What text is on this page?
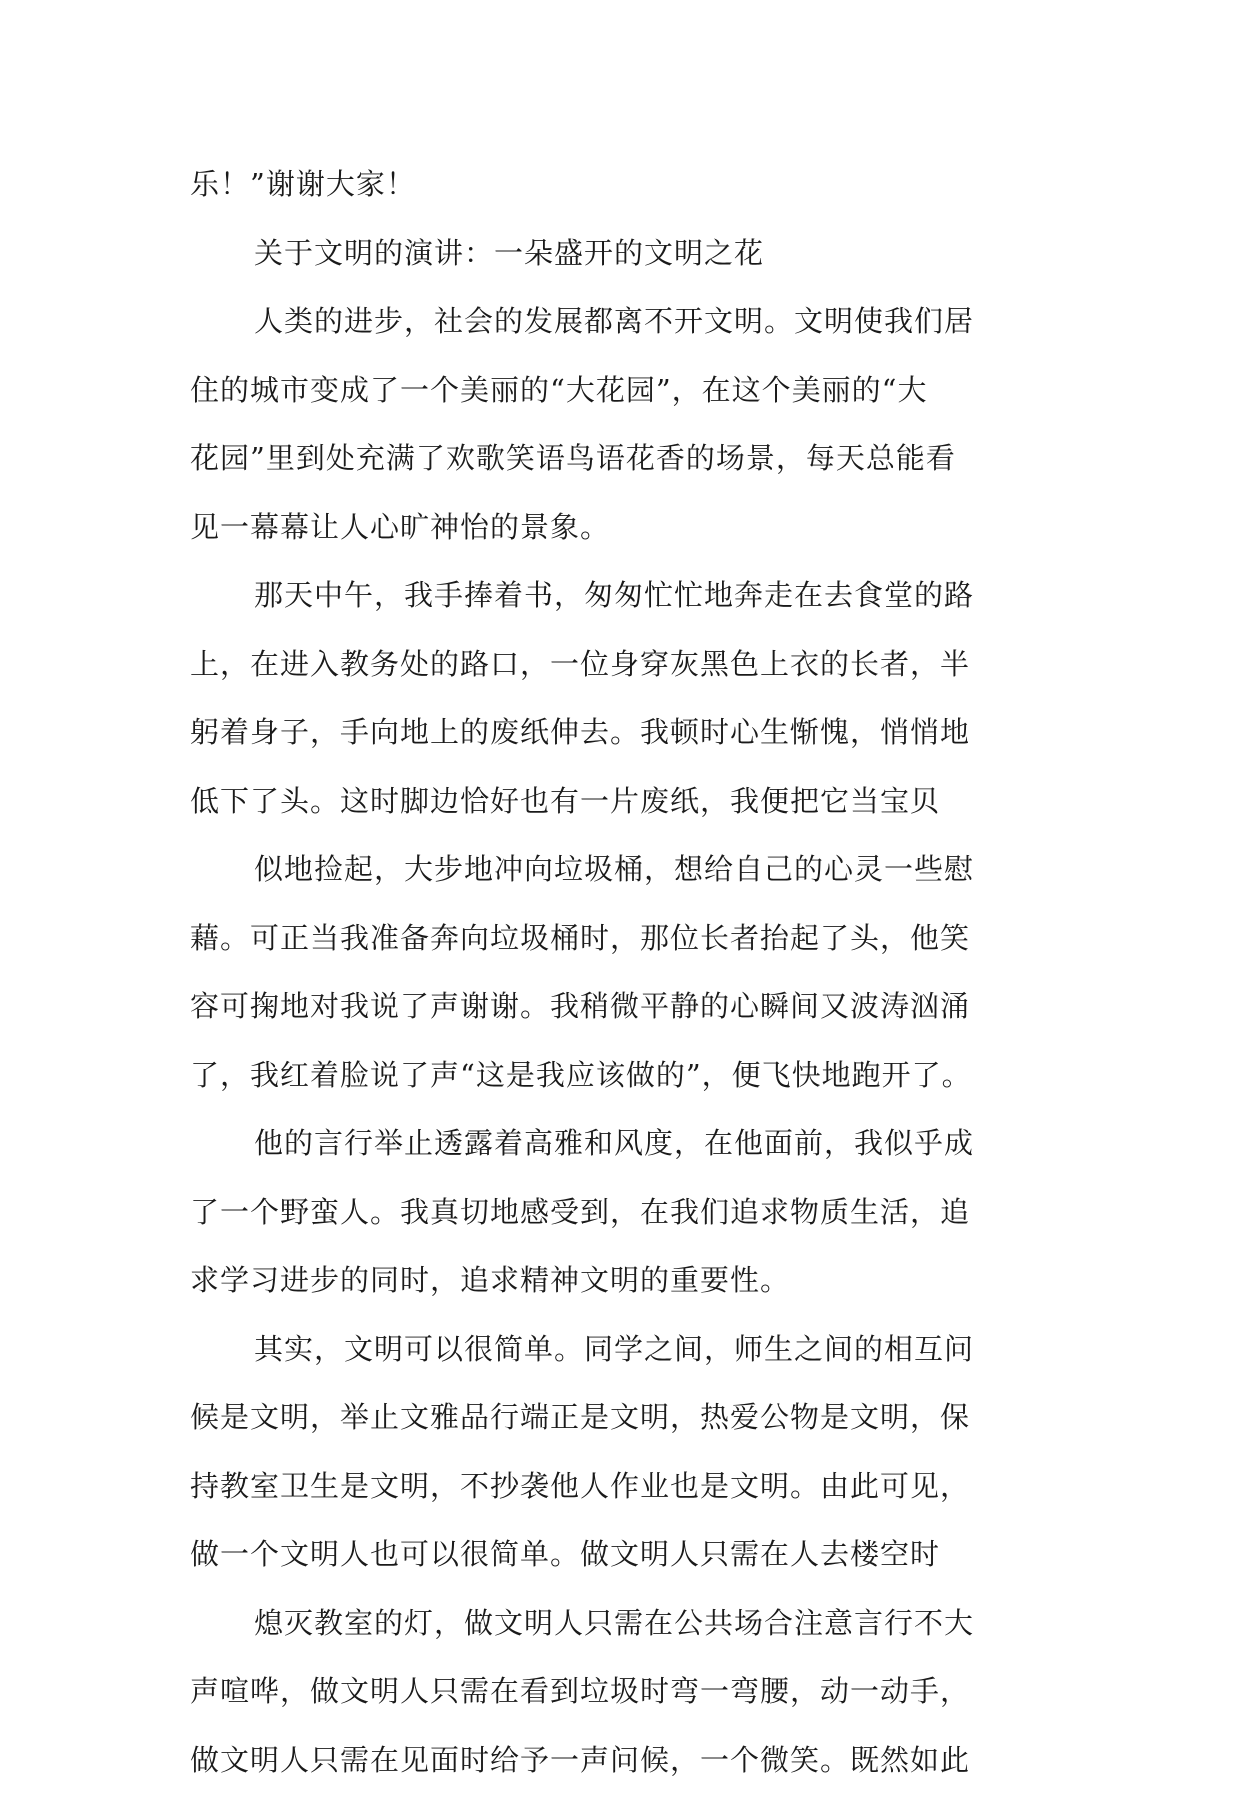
乐！”谢谢大家！
关于文明的演讲：一朵盛开的文明之花
人类的进步，社会的发展都离不开文明。文明使我们居
住的城市变成了一个美丽的“大花园”，在这个美丽的“大
花园”里到处充满了欢歌笑语鸟语花香的场景，每天总能看
见一幕幕让人心旷神怡的景象。
那天中午，我手捧着书，匆匆忙忙地奔走在去食堂的路
上，在进入教务处的路口，一位身穿灰黑色上衣的长者，半
躬着身子，手向地上的废纸伸去。我顿时心生惭愧，悄悄地
低下了头。这时脚边恰好也有一片废纸，我便把它当宝贝
似地捡起，大步地冲向垃圾桶，想给自己的心灵一些慰
藉。可正当我准备奔向垃圾桶时，那位长者抬起了头，他笑
容可掬地对我说了声谢谢。我稍微平静的心瞬间又波涛汹涌
了，我红着脸说了声“这是我应该做的”，便飞快地跑开了。
他的言行举止透露着高雅和风度，在他面前，我似乎成
了一个野蛮人。我真切地感受到，在我们追求物质生活，追
求学习进步的同时，追求精神文明的重要性。
其实，文明可以很简单。同学之间，师生之间的相互问
候是文明，举止文雅品行端正是文明，热爱公物是文明，保
持教室卫生是文明，不抄袭他人作业也是文明。由此可见，
做一个文明人也可以很简单。做文明人只需在人去楼空时
熄灭教室的灯，做文明人只需在公共场合注意言行不大
声喧哗，做文明人只需在看到垃圾时弯一弯腰，动一动手，
做文明人只需在见面时给予一声问候，一个微笑。既然如此
